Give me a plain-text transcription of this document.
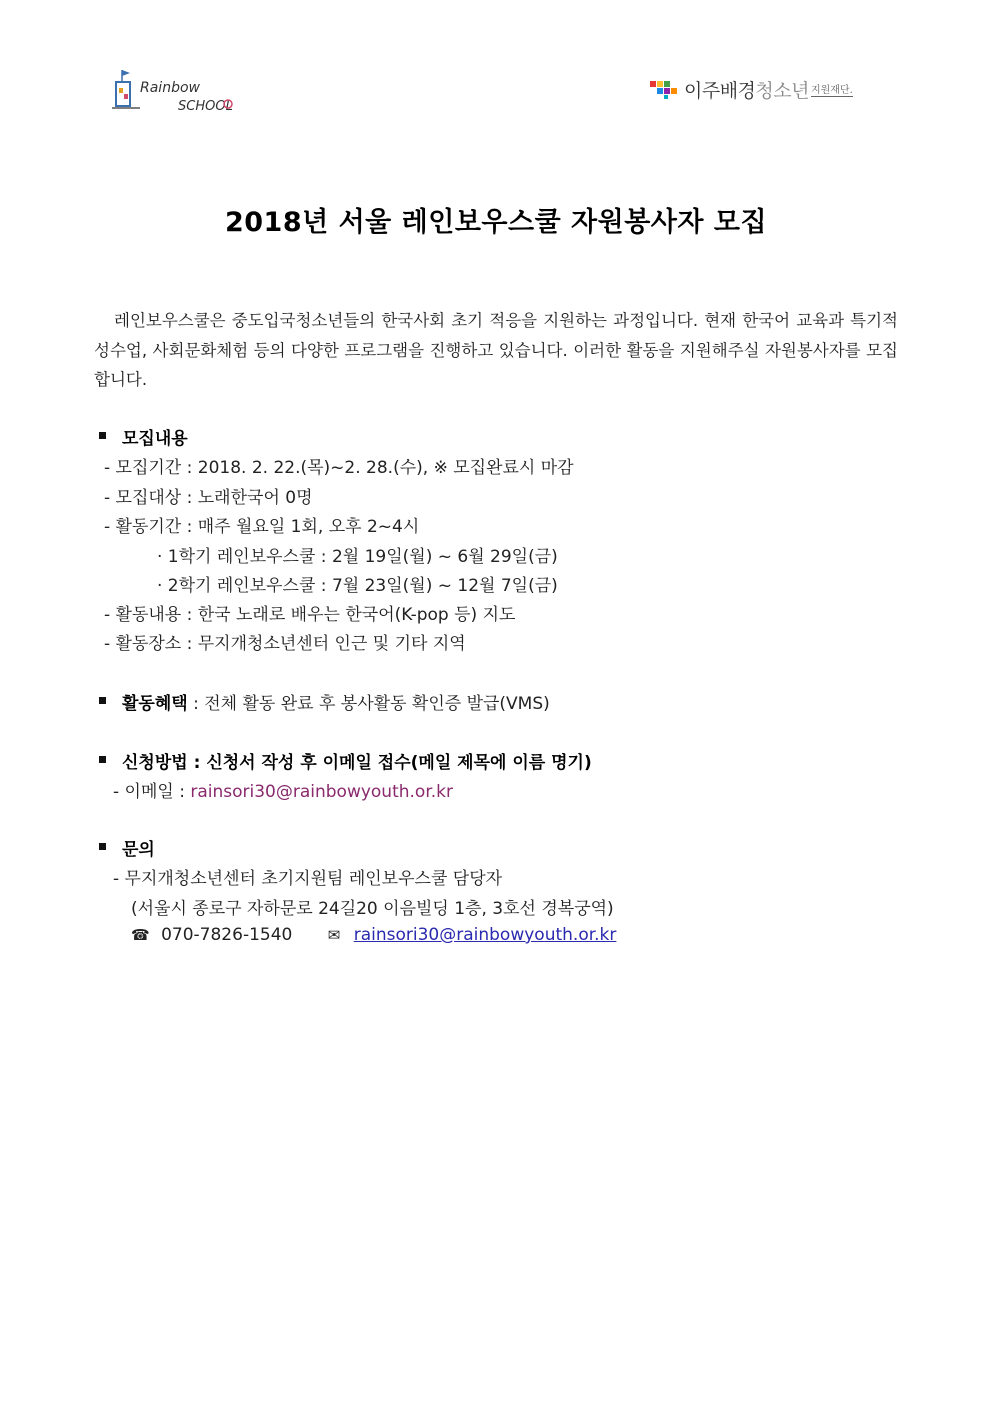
Rainbow
SCHOOL
이주배경청소년 지원재단.
2018년 서울 레인보우스쿨 자원봉사자 모집
레인보우스쿨은 중도입국청소년들의 한국사회 초기 적응을 지원하는 과정입니다. 현재 한국어 교육과 특기적성수업, 사회문화체험 등의 다양한 프로그램을 진행하고 있습니다. 이러한 활동을 지원해주실 자원봉사자를 모집합니다.
모집내용
- 모집기간 : 2018. 2. 22.(목)~2. 28.(수), ※ 모집완료시 마감
- 모집대상 : 노래한국어 0명
- 활동기간 : 매주 월요일 1회, 오후 2~4시
· 1학기 레인보우스쿨 : 2월 19일(월) ~ 6월 29일(금)
· 2학기 레인보우스쿨 : 7월 23일(월) ~ 12월 7일(금)
- 활동내용 : 한국 노래로 배우는 한국어(K-pop 등) 지도
- 활동장소 : 무지개청소년센터 인근 및 기타 지역
활동혜택 : 전체 활동 완료 후 봉사활동 확인증 발급(VMS)
신청방법 : 신청서 작성 후 이메일 접수(메일 제목에 이름 명기)
- 이메일 : rainsori30@rainbowyouth.or.kr
문의
- 무지개청소년센터 초기지원팀 레인보우스쿨 담당자
(서울시 종로구 자하문로 24길20 이음빌딩 1층, 3호선 경복궁역)
☎ 070-7826-1540 ✉ rainsori30@rainbowyouth.or.kr
